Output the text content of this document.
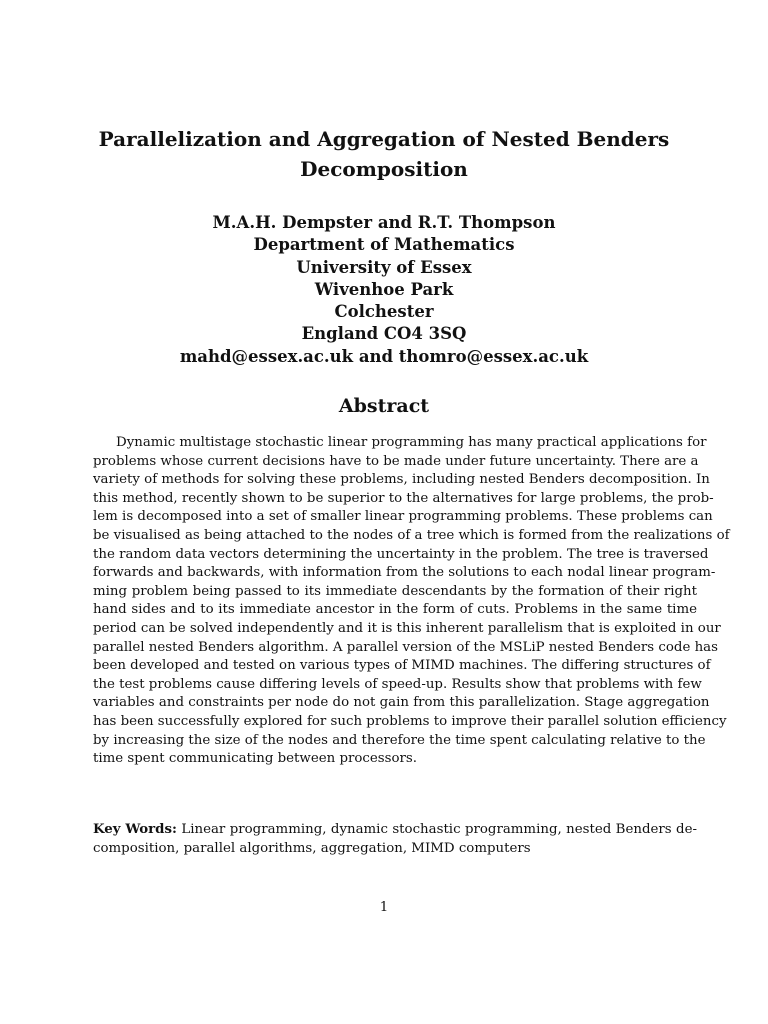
Parallelization and Aggregation of Nested Benders
Decomposition
M.A.H. Dempster and R.T. Thompson
Department of Mathematics
University of Essex
Wivenhoe Park
Colchester
England CO4 3SQ
mahd@essex.ac.uk and thomro@essex.ac.uk
Abstract
Dynamic multistage stochastic linear programming has many practical applications for
problems whose current decisions have to be made under future uncertainty. There are a
variety of methods for solving these problems, including nested Benders decomposition. In
this method, recently shown to be superior to the alternatives for large problems, the prob-
lem is decomposed into a set of smaller linear programming problems. These problems can
be visualised as being attached to the nodes of a tree which is formed from the realizations of
the random data vectors determining the uncertainty in the problem. The tree is traversed
forwards and backwards, with information from the solutions to each nodal linear program-
ming problem being passed to its immediate descendants by the formation of their right
hand sides and to its immediate ancestor in the form of cuts. Problems in the same time
period can be solved independently and it is this inherent parallelism that is exploited in our
parallel nested Benders algorithm. A parallel version of the MSLiP nested Benders code has
been developed and tested on various types of MIMD machines. The differing structures of
the test problems cause differing levels of speed-up. Results show that problems with few
variables and constraints per node do not gain from this parallelization. Stage aggregation
has been successfully explored for such problems to improve their parallel solution efficiency
by increasing the size of the nodes and therefore the time spent calculating relative to the
time spent communicating between processors.
Key Words: Linear programming, dynamic stochastic programming, nested Benders de-
composition, parallel algorithms, aggregation, MIMD computers
1
